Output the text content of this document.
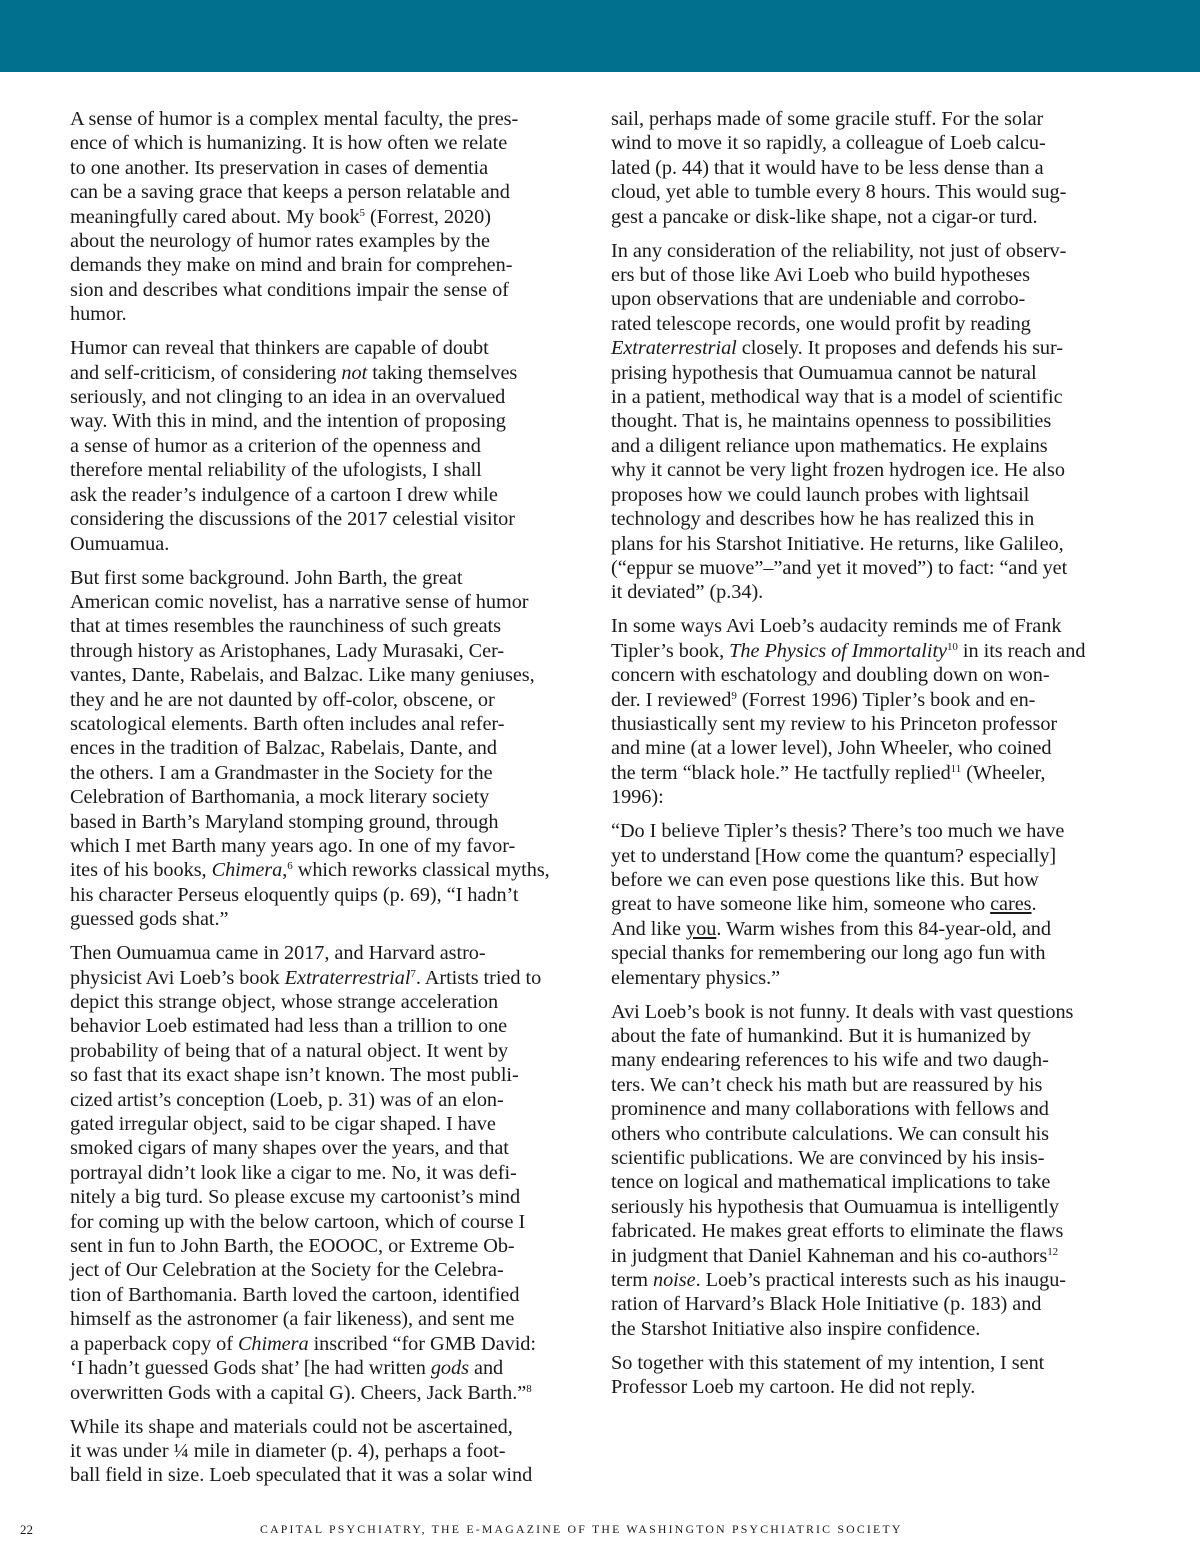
A sense of humor is a complex mental faculty, the pres-
ence of which is humanizing. It is how often we relate
to one another. Its preservation in cases of dementia
can be a saving grace that keeps a person relatable and
meaningfully cared about. My book$^5$ (Forrest, 2020)
about the neurology of humor rates examples by the
demands they make on mind and brain for comprehen-
sion and describes what conditions impair the sense of
humor.

Humor can reveal that thinkers are capable of doubt
and self-criticism, of considering not taking themselves
seriously, and not clinging to an idea in an overvalued
way. With this in mind, and the intention of proposing
a sense of humor as a criterion of the openness and
therefore mental reliability of the ufologists, I shall
ask the reader’s indulgence of a cartoon I drew while
considering the discussions of the 2017 celestial visitor
Oumuamua.

But first some background. John Barth, the great
American comic novelist, has a narrative sense of humor
that at times resembles the raunchiness of such greats
through history as Aristophanes, Lady Murasaki, Cer-
vantes, Dante, Rabelais, and Balzac. Like many geniuses,
they and he are not daunted by off-color, obscene, or
scatological elements. Barth often includes anal refer-
ences in the tradition of Balzac, Rabelais, Dante, and
the others. I am a Grandmaster in the Society for the
Celebration of Barthomania, a mock literary society
based in Barth’s Maryland stomping ground, through
which I met Barth many years ago. In one of my favor-
ites of his books, Chimera,$^6$ which reworks classical myths,
his character Perseus eloquently quips (p. 69), “I hadn’t
guessed gods shat.”

Then Oumuamua came in 2017, and Harvard astro-
physicist Avi Loeb’s book Extraterrestrial$^7$. Artists tried to
depict this strange object, whose strange acceleration
behavior Loeb estimated had less than a trillion to one
probability of being that of a natural object. It went by
so fast that its exact shape isn’t known. The most publi-
cized artist’s conception (Loeb, p. 31) was of an elon-
gated irregular object, said to be cigar shaped. I have
smoked cigars of many shapes over the years, and that
portrayal didn’t look like a cigar to me. No, it was defi-
nitely a big turd. So please excuse my cartoonist’s mind
for coming up with the below cartoon, which of course I
sent in fun to John Barth, the EOOOC, or Extreme Ob-
ject of Our Celebration at the Society for the Celebra-
tion of Barthomania. Barth loved the cartoon, identified
himself as the astronomer (a fair likeness), and sent me
a paperback copy of Chimera inscribed “for GMB David:
‘I hadn’t guessed Gods shat’ [he had written gods and
overwritten Gods with a capital G). Cheers, Jack Barth.”$^8$

While its shape and materials could not be ascertained,
it was under ¼ mile in diameter (p. 4), perhaps a foot-
ball field in size. Loeb speculated that it was a solar wind

sail, perhaps made of some gracile stuff. For the solar
wind to move it so rapidly, a colleague of Loeb calcu-
lated (p. 44) that it would have to be less dense than a
cloud, yet able to tumble every 8 hours. This would sug-
gest a pancake or disk-like shape, not a cigar-or turd.

In any consideration of the reliability, not just of observ-
ers but of those like Avi Loeb who build hypotheses
upon observations that are undeniable and corrobo-
rated telescope records, one would profit by reading
Extraterrestrial closely. It proposes and defends his sur-
prising hypothesis that Oumuamua cannot be natural
in a patient, methodical way that is a model of scientific
thought. That is, he maintains openness to possibilities
and a diligent reliance upon mathematics. He explains
why it cannot be very light frozen hydrogen ice. He also
proposes how we could launch probes with lightsail
technology and describes how he has realized this in
plans for his Starshot Initiative. He returns, like Galileo,
(“eppur se muove”–”and yet it moved”) to fact: “and yet
it deviated” (p.34).

In some ways Avi Loeb’s audacity reminds me of Frank
Tipler’s book, The Physics of Immortality$^{10}$ in its reach and
concern with eschatology and doubling down on won-
der. I reviewed$^9$ (Forrest 1996) Tipler’s book and en-
thusiastically sent my review to his Princeton professor
and mine (at a lower level), John Wheeler, who coined
the term “black hole.” He tactfully replied$^{11}$ (Wheeler,
1996):

“Do I believe Tipler’s thesis? There’s too much we have
yet to understand [How come the quantum? especially]
before we can even pose questions like this. But how
great to have someone like him, someone who cares.
And like you. Warm wishes from this 84-year-old, and
special thanks for remembering our long ago fun with
elementary physics.”

Avi Loeb’s book is not funny. It deals with vast questions
about the fate of humankind. But it is humanized by
many endearing references to his wife and two daugh-
ters. We can’t check his math but are reassured by his
prominence and many collaborations with fellows and
others who contribute calculations. We can consult his
scientific publications. We are convinced by his insis-
tence on logical and mathematical implications to take
seriously his hypothesis that Oumuamua is intelligently
fabricated. He makes great efforts to eliminate the flaws
in judgment that Daniel Kahneman and his co-authors$^{12}$
term noise. Loeb’s practical interests such as his inaugu-
ration of Harvard’s Black Hole Initiative (p. 183) and
the Starshot Initiative also inspire confidence.

So together with this statement of my intention, I sent
Professor Loeb my cartoon. He did not reply.

22	CAPITAL PSYCHIATRY, THE E-MAGAZINE OF THE WASHINGTON PSYCHIATRIC SOCIETY
